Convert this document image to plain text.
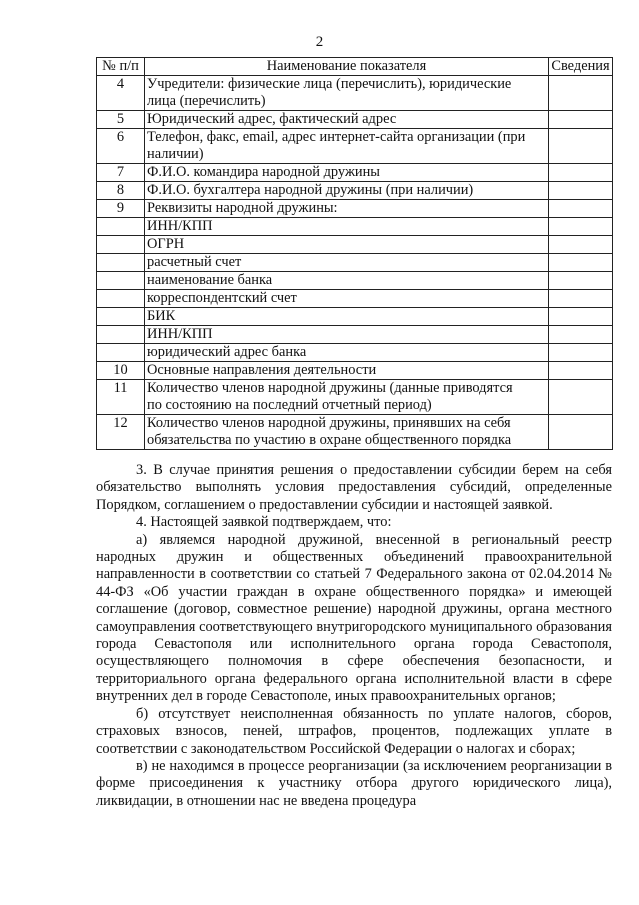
2
№ п/п	Наименование показателя	Сведения
4	Учредители: физические лица (перечислить), юридические
лица (перечислить)	

5	Юридический адрес, фактический адрес	

6	Телефон, факс, email, адрес интернет-сайта организации (при
наличии)	

7	Ф.И.О. командира народной дружины	

8	Ф.И.О. бухгалтера народной дружины (при наличии)	

9	Реквизиты народной дружины:	

	ИНН/КПП	

	ОГРН	

	расчетный счет	

	наименование банка	

	корреспондентский счет	

	БИК	

	ИНН/КПП	

	юридический адрес банка	

10	Основные направления деятельности	

11	Количество членов народной дружины (данные приводятся
по состоянию на последний отчетный период)	

12	Количество членов народной дружины, принявших на себя
обязательства по участию в охране общественного порядка	

3. В случае принятия решения о предоставлении субсидии берем на себя обязательство выполнять условия предоставления субсидий, определенные Порядком, соглашением о предоставлении субсидии и настоящей заявкой.

4. Настоящей заявкой подтверждаем, что:

а) являемся народной дружиной, внесенной в региональный реестр народных дружин и общественных объединений правоохранительной направленности в соответствии со статьей 7 Федерального закона от 02.04.2014 № 44-ФЗ «Об участии граждан в охране общественного порядка» и имеющей соглашение (договор, совместное решение) народной дружины, органа местного самоуправления соответствующего внутригородского муниципального образования города Севастополя или исполнительного органа города Севастополя, осуществляющего полномочия в сфере обеспечения безопасности, и территориального органа федерального органа исполнительной власти в сфере внутренних дел в городе Севастополе, иных правоохранительных органов;

б) отсутствует неисполненная обязанность по уплате налогов, сборов, страховых взносов, пеней, штрафов, процентов, подлежащих уплате в соответствии с законодательством Российской Федерации о налогах и сборах;

в) не находимся в процессе реорганизации (за исключением реорганизации в форме присоединения к участнику отбора другого юридического лица), ликвидации, в отношении нас не введена процедура
